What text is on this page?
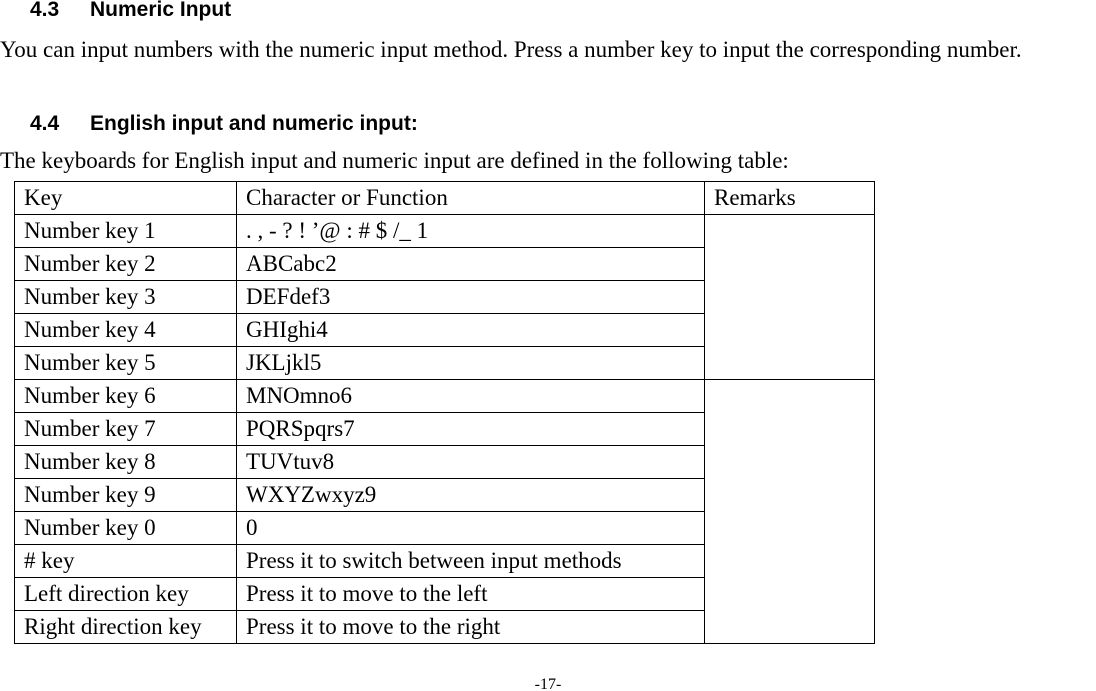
4.3 Numeric Input
You can input numbers with the numeric input method. Press a number key to input the corresponding number.
4.4 English input and numeric input:
The keyboards for English input and numeric input are defined in the following table:
Key	Character or Function	Remarks
Number key 1	. , - ? ! ’@ : # $ /_ 1	
Number key 2	ABCabc2	
Number key 3	DEFdef3	
Number key 4	GHIghi4	
Number key 5	JKLjkl5	
Number key 6	MNOmno6	
Number key 7	PQRSpqrs7	
Number key 8	TUVtuv8	
Number key 9	WXYZwxyz9	
Number key 0	0	
# key	Press it to switch between input methods	
Left direction key	Press it to move to the left	
Right direction key	Press it to move to the right	
-17-
